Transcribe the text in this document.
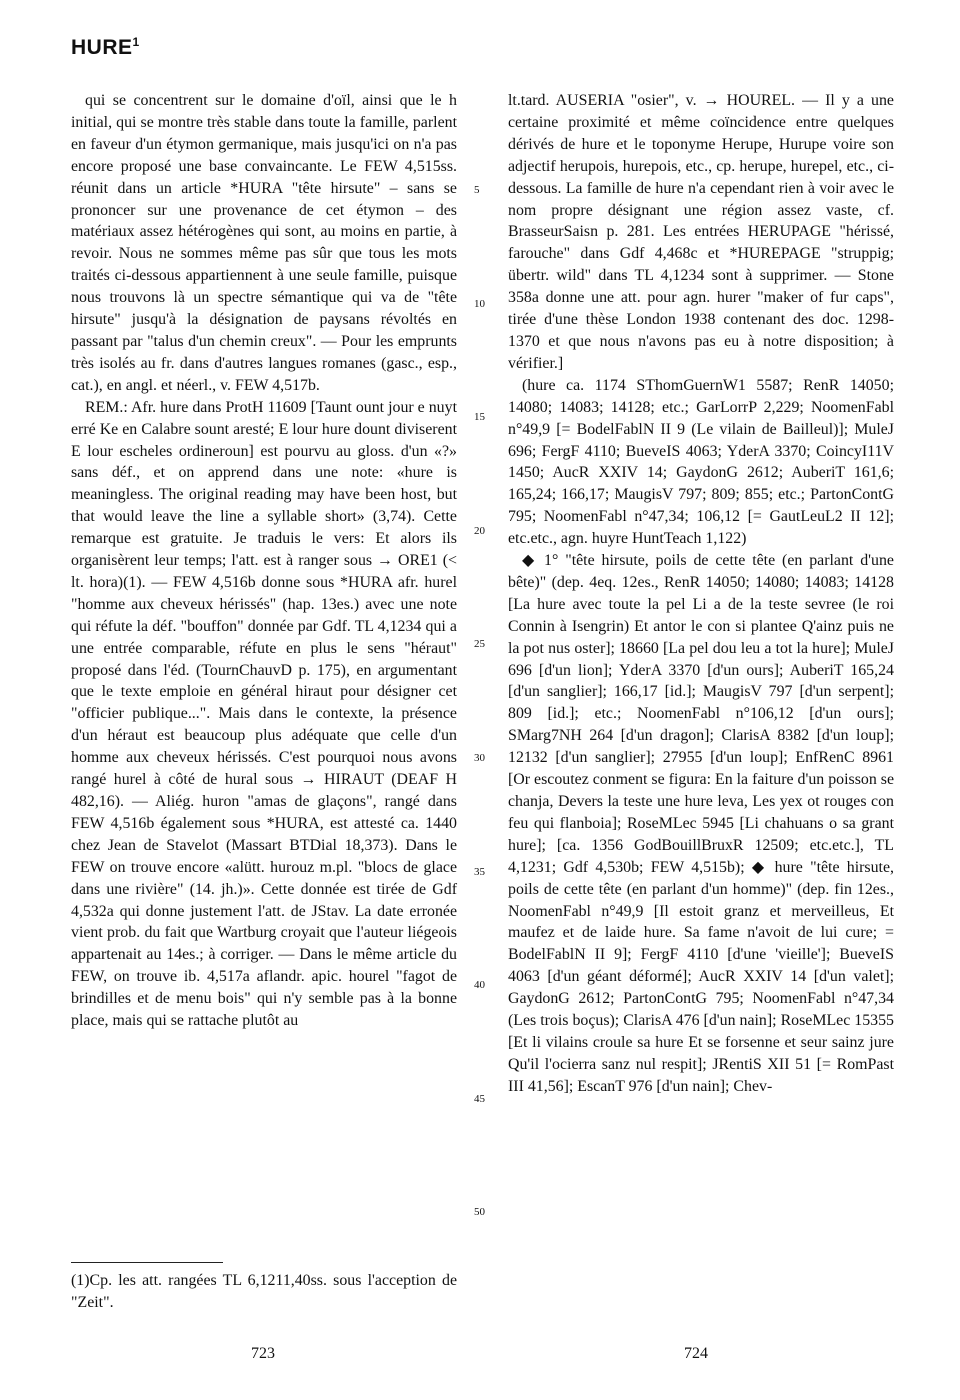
HURE$^1$

qui se concentrent sur le domaine d'oïl, ainsi que le h initial, qui se montre très stable dans toute la famille, parlent en faveur d'un étymon germanique, mais jusqu'ici on n'a pas encore proposé une base convaincante. Le FEW 4,515ss. réunit dans un article *HURA "tête hirsute" – sans se prononcer sur une provenance de cet étymon – des matériaux assez hétérogènes qui sont, au moins en partie, à revoir. Nous ne sommes même pas sûr que tous les mots traités ci-dessous appartiennent à une seule famille, puisque nous trouvons là un spectre sémantique qui va de "tête hirsute" jusqu'à la désignation de paysans révoltés en passant par "talus d'un chemin creux". — Pour les emprunts très isolés au fr. dans d'autres langues romanes (gasc., esp., cat.), en angl. et néerl., v. FEW 4,517b.

REM.: Afr. hure dans ProtH 11609 [Taunt ount jour e nuyt erré Ke en Calabre sount aresté; E lour hure dount diviserent E lour escheles ordineroun] est pourvu au gloss. d'un «?» sans déf., et on apprend dans une note: «hure is meaningless. The original reading may have been host, but that would leave the line a syllable short» (3,74). Cette remarque est gratuite. Je traduis le vers: Et alors ils organisèrent leur temps; l'att. est à ranger sous → ORE1 (< lt. hora)(1). — FEW 4,516b donne sous *HURA afr. hurel "homme aux cheveux hérissés" (hap. 13es.) avec une note qui réfute la déf. "bouffon" donnée par Gdf. TL 4,1234 qui a une entrée comparable, réfute en plus le sens "héraut" proposé dans l'éd. (TournChauvD p. 175), en argumentant que le texte emploie en général hiraut pour désigner cet "officier publique...". Mais dans le contexte, la présence d'un héraut est beaucoup plus adéquate que celle d'un homme aux cheveux hérissés. C'est pourquoi nous avons rangé hurel à côté de hural sous → HIRAUT (DEAF H 482,16). — Aliég. huron "amas de glaçons", rangé dans FEW 4,516b également sous *HURA, est attesté ca. 1440 chez Jean de Stavelot (Massart BTDial 18,373). Dans le FEW on trouve encore «alütt. hurouz m.pl. "blocs de glace dans une rivière" (14. jh.)». Cette donnée est tirée de Gdf 4,532a qui donne justement l'att. de JStav. La date erronée vient prob. du fait que Wartburg croyait que l'auteur liégeois appartenait au 14es.; à corriger. — Dans le même article du FEW, on trouve ib. 4,517a aflandr. apic. hourel "fagot de brindilles et de menu bois" qui n'y semble pas à la bonne place, mais qui se rattache plutôt au

(1)Cp. les att. rangées TL 6,1211,40ss. sous l'acception de "Zeit".
5
10
15
20
25
30
35
40
45
50

lt.tard. AUSERIA "osier", v. → HOUREL. — Il y a une certaine proximité et même coïncidence entre quelques dérivés de hure et le toponyme Herupe, Hurupe voire son adjectif herupois, hurepois, etc., cp. herupe, hurepel, etc., ci-dessous. La famille de hure n'a cependant rien à voir avec le nom propre désignant une région assez vaste, cf. BrasseurSaisn p. 281. Les entrées HERUPAGE "hérissé, farouche" dans Gdf 4,468c et *HUREPAGE "struppig; übertr. wild" dans TL 4,1234 sont à supprimer. — Stone 358a donne une att. pour agn. hurer "maker of fur caps", tirée d'une thèse London 1938 contenant des doc. 1298-1370 et que nous n'avons pas eu à notre disposition; à vérifier.]

(hure ca. 1174 SThomGuernW1 5587; RenR 14050; 14080; 14083; 14128; etc.; GarLorrP 2,229; NoomenFabl n°49,9 [= BodelFablN II 9 (Le vilain de Bailleul)]; MuleJ 696; FergF 4110; BueveIS 4063; YderA 3370; CoincyI11V 1450; AucR XXIV 14; GaydonG 2612; AuberiT 161,6; 165,24; 166,17; MaugisV 797; 809; 855; etc.; PartonContG 795; NoomenFabl n°47,34; 106,12 [= GautLeuL2 II 12]; etc.etc., agn. huyre HuntTeach 1,122)

◆ 1° "tête hirsute, poils de cette tête (en parlant d'une bête)" (dep. 4eq. 12es., RenR 14050; 14080; 14083; 14128 [La hure avec toute la pel Li a de la teste sevree (le roi Connin à Isengrin) Et antor le con si plantee Q'ainz puis ne la pot nus oster]; 18660 [La pel dou leu a tot la hure]; MuleJ 696 [d'un lion]; YderA 3370 [d'un ours]; AuberiT 165,24 [d'un sanglier]; 166,17 [id.]; MaugisV 797 [d'un serpent]; 809 [id.]; etc.; NoomenFabl n°106,12 [d'un ours]; SMarg7NH 264 [d'un dragon]; ClarisA 8382 [d'un loup]; 12132 [d'un sanglier]; 27955 [d'un loup]; EnfRenC 8961 [Or escoutez conment se figura: En la faiture d'un poisson se chanja, Devers la teste une hure leva, Les yex ot rouges con feu qui flanboia]; RoseMLec 5945 [Li chahuans o sa grant hure]; [ca. 1356 GodBouillBruxR 12509; etc.etc.], TL 4,1231; Gdf 4,530b; FEW 4,515b); ◆ hure "tête hirsute, poils de cette tête (en parlant d'un homme)" (dep. fin 12es., NoomenFabl n°49,9 [Il estoit granz et merveilleus, Et maufez et de laide hure. Sa fame n'avoit de lui cure; = BodelFablN II 9]; FergF 4110 [d'une 'vieille']; BueveIS 4063 [d'un géant déformé]; AucR XXIV 14 [d'un valet]; GaydonG 2612; PartonContG 795; NoomenFabl n°47,34 (Les trois boçus); ClarisA 476 [d'un nain]; RoseMLec 15355 [Et li vilains croule sa hure Et se forsenne et seur sainz jure Qu'il l'ocierra sanz nul respit]; JRentiS XII 51 [= RomPast III 41,56]; EscanT 976 [d'un nain]; Chev-

723	724
